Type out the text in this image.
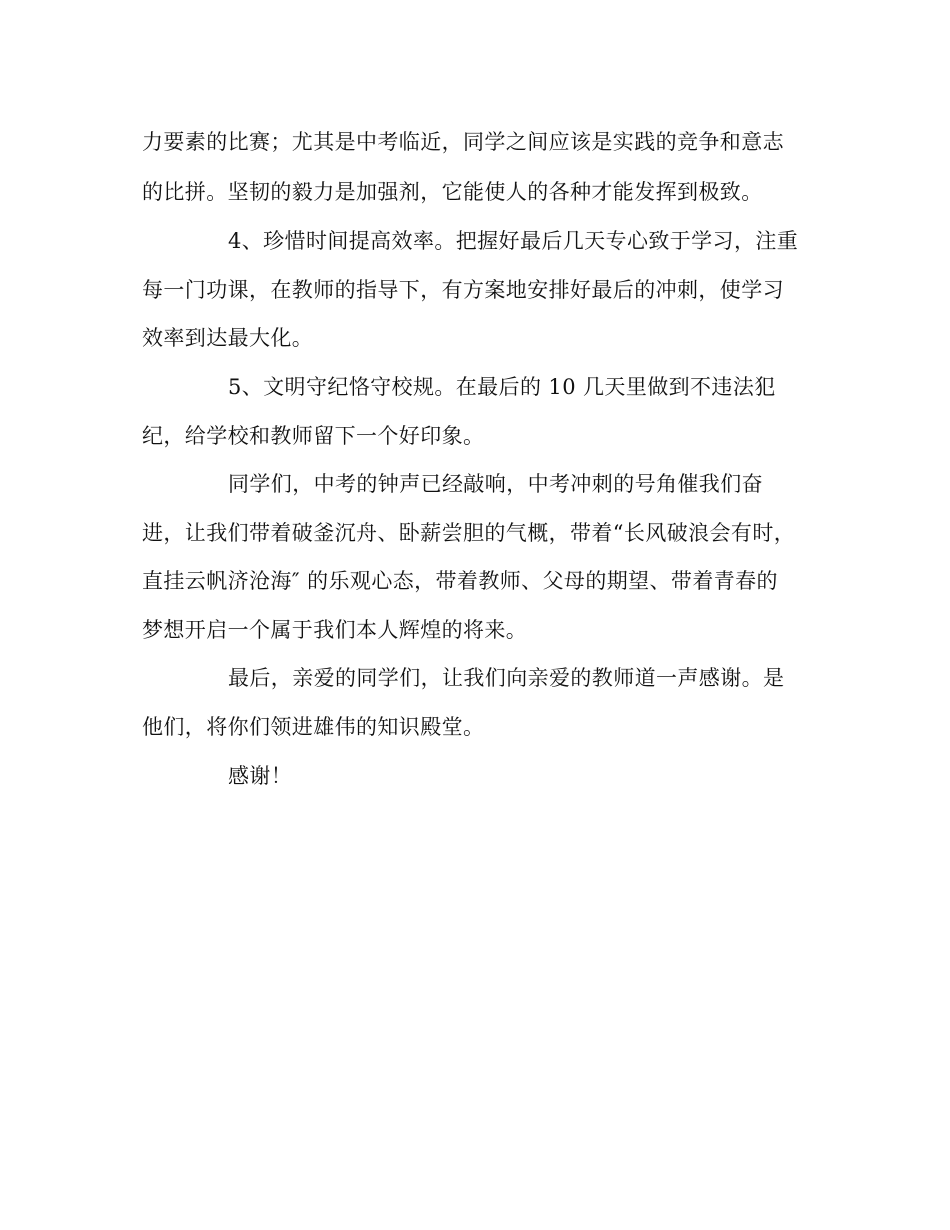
力要素的比赛；尤其是中考临近，同学之间应该是实践的竞争和意志
的比拼。坚韧的毅力是加强剂，它能使人的各种才能发挥到极致。
4、珍惜时间提高效率。把握好最后几天专心致于学习，注重
每一门功课，在教师的指导下，有方案地安排好最后的冲刺，使学习
效率到达最大化。
5、文明守纪恪守校规。在最后的 10 几天里做到不违法犯
纪，给学校和教师留下一个好印象。
同学们，中考的钟声已经敲响，中考冲刺的号角催我们奋
进，让我们带着破釜沉舟、卧薪尝胆的气概，带着“长风破浪会有时，
直挂云帆济沧海″ 的乐观心态，带着教师、父母的期望、带着青春的
梦想开启一个属于我们本人辉煌的将来。
最后，亲爱的同学们，让我们向亲爱的教师道一声感谢。是
他们，将你们领进雄伟的知识殿堂。
感谢！
